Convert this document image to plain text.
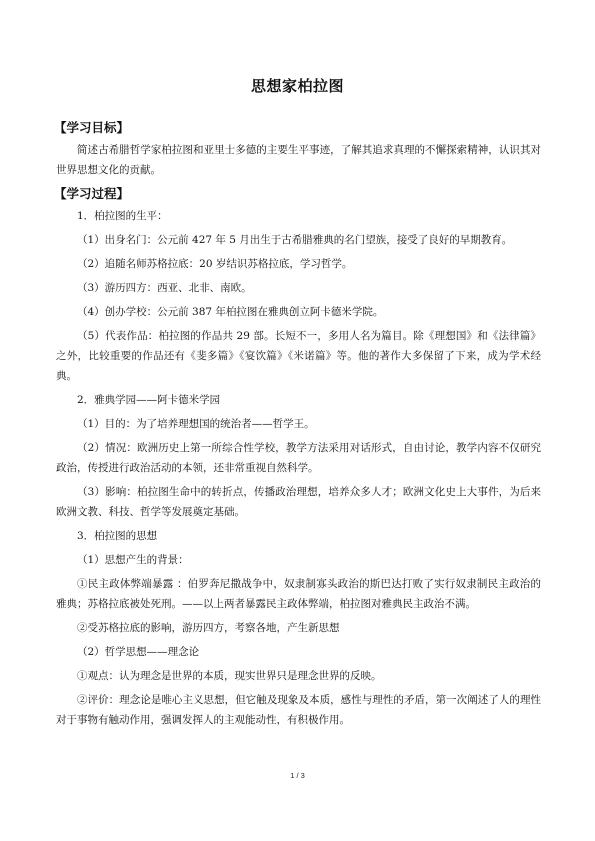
思想家柏拉图
【学习目标】

简述古希腊哲学家柏拉图和亚里士多德的主要生平事迹，了解其追求真理的不懈探索精神，认识其对世界思想文化的贡献。

【学习过程】

1．柏拉图的生平：

（1）出身名门：公元前 427 年 5 月出生于古希腊雅典的名门望族，接受了良好的早期教育。

（2）追随名师苏格拉底：20 岁结识苏格拉底，学习哲学。

（3）游历四方：西亚、北非、南欧。

（4）创办学校：公元前 387 年柏拉图在雅典创立阿卡德米学院。

（5）代表作品：柏拉图的作品共 29 部。长短不一，多用人名为篇目。除《理想国》和《法律篇》之外，比较重要的作品还有《斐多篇》《宴饮篇》《米诺篇》等。他的著作大多保留了下来，成为学术经典。

2．雅典学园——阿卡德米学园

（1）目的：为了培养理想国的统治者——哲学王。

（2）情况：欧洲历史上第一所综合性学校，教学方法采用对话形式，自由讨论，教学内容不仅研究政治，传授进行政治活动的本领，还非常重视自然科学。

（3）影响：柏拉图生命中的转折点，传播政治理想，培养众多人才；欧洲文化史上大事件，为后来欧洲文教、科技、哲学等发展奠定基础。

3．柏拉图的思想

（1）思想产生的背景：

①民主政体弊端暴露 ：伯罗奔尼撒战争中，奴隶制寡头政治的斯巴达打败了实行奴隶制民主政治的雅典；苏格拉底被处死刑。——以上两者暴露民主政体弊端，柏拉图对雅典民主政治不满。

②受苏格拉底的影响，游历四方，考察各地，产生新思想

（2）哲学思想——理念论

①观点：认为理念是世界的本质，现实世界只是理念世界的反映。

②评价：理念论是唯心主义思想，但它触及现象及本质，感性与理性的矛盾，第一次阐述了人的理性对于事物有触动作用，强调发挥人的主观能动性，有积极作用。

1 / 3
